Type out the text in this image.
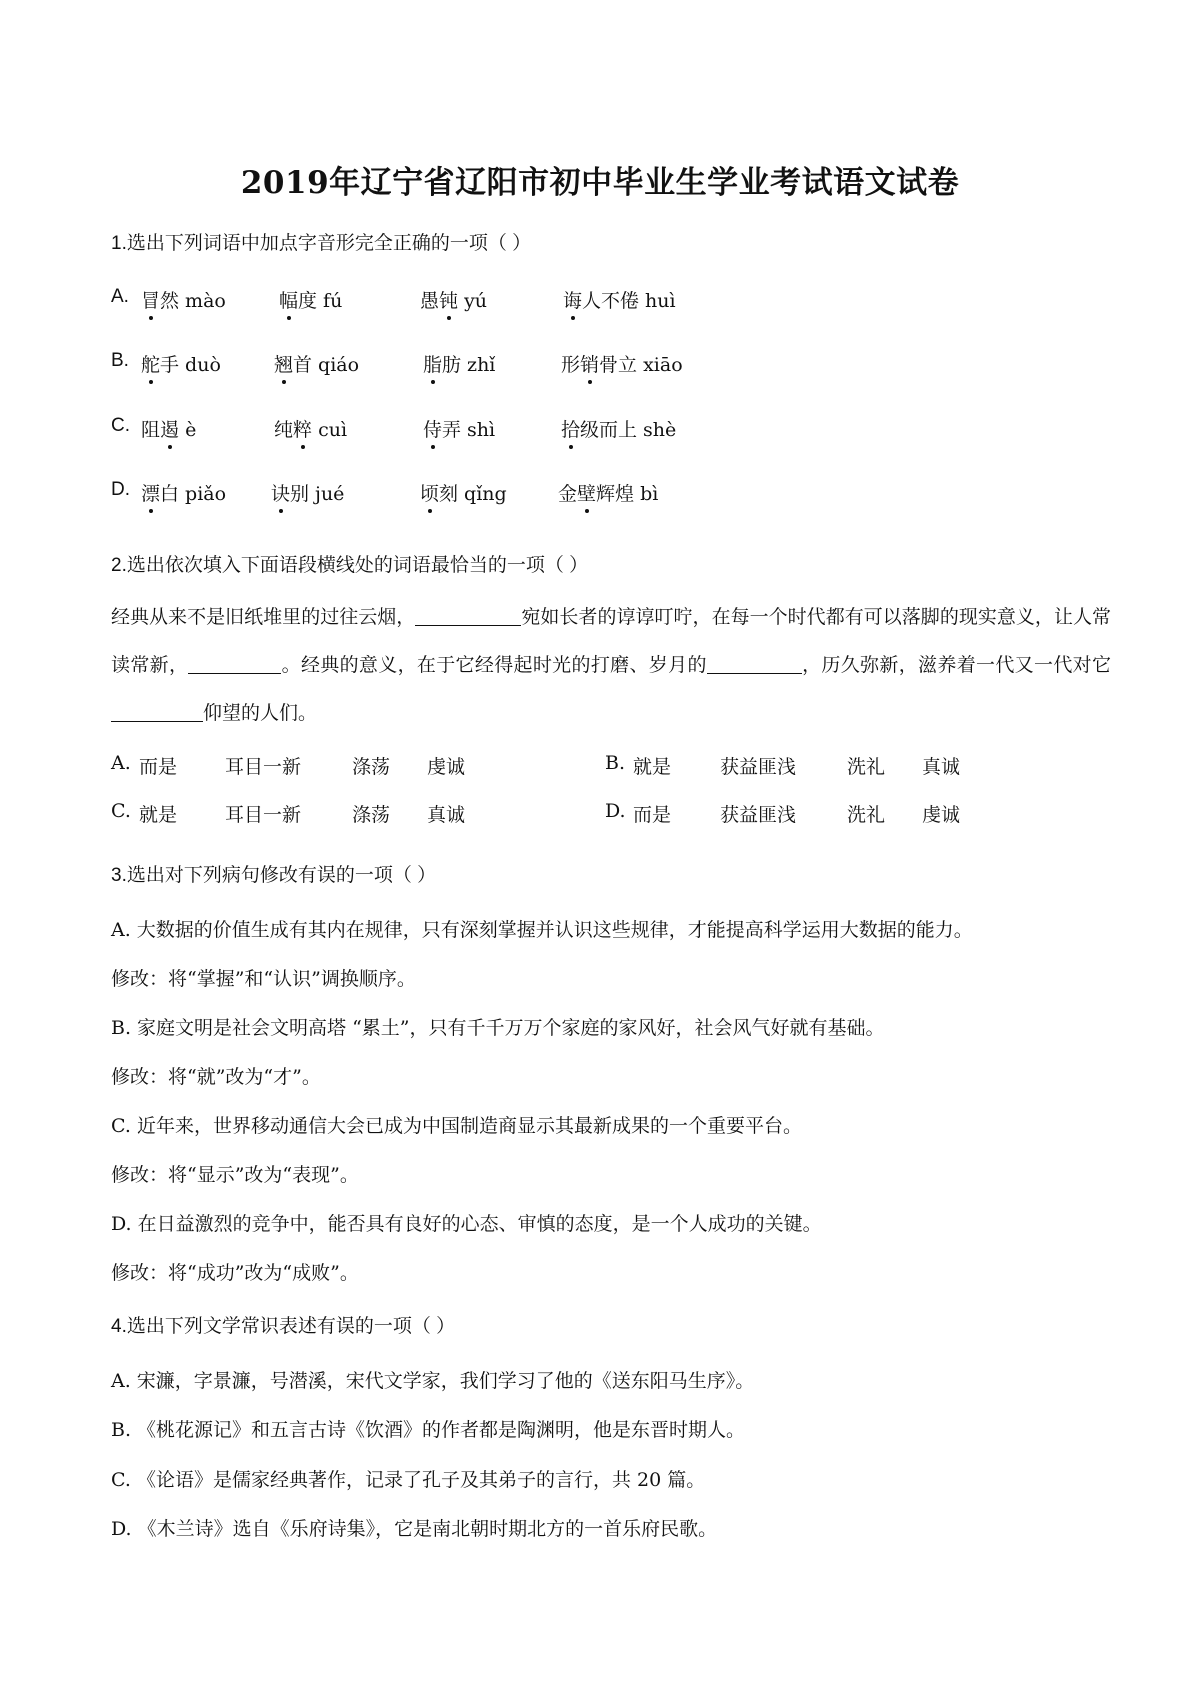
2019年辽宁省辽阳市初中毕业生学业考试语文试卷
1.选出下列词语中加点字音形完全正确的一项（ ）
A. 冒然 mào	幅度 fú	愚钝 yú	诲人不倦 huì
B. 舵手 duò	翘首 qiáo	脂肪 zhǐ	形销骨立 xiāo
C. 阻遏 è	纯粹 cuì	侍弄 shì	拾级而上 shè
D. 漂白 piǎo 诀别 jué	顷刻 qǐng	金壁辉煌 bì
2.选出依次填入下面语段横线处的词语最恰当的一项（ ）
经典从来不是旧纸堆里的过往云烟，	宛如长者的谆谆叮咛，在每一个时代都有可以落脚的现实意义，让人常读常新，	。经典的意义，在于它经得起时光的打磨、岁月的	，历久弥新，滋养着一代又一代对它仰望的人们。
A. 而是	耳目一新	涤荡 虔诚	B. 就是	获益匪浅	洗礼 真诚
C. 就是	耳目一新	涤荡 真诚	D. 而是	获益匪浅	洗礼 虔诚
3.选出对下列病句修改有误的一项（ ）
A. 大数据的价值生成有其内在规律，只有深刻掌握并认识这些规律，才能提高科学运用大数据的能力。
修改：将“掌握”和“认识”调换顺序。
B. 家庭文明是社会文明高塔 “累土”，只有千千万万个家庭的家风好，社会风气好就有基础。
修改：将“就”改为“才”。
C. 近年来，世界移动通信大会已成为中国制造商显示其最新成果的一个重要平台。
修改：将“显示”改为“表现”。
D. 在日益激烈的竞争中，能否具有良好的心态、审慎的态度，是一个人成功的关键。
修改：将“成功”改为“成败”。
4.选出下列文学常识表述有误的一项（ ）
A. 宋濂，字景濂，号潜溪，宋代文学家，我们学习了他的《送东阳马生序》。
B. 《桃花源记》和五言古诗《饮酒》的作者都是陶渊明，他是东晋时期人。
C. 《论语》是儒家经典著作，记录了孔子及其弟子的言行，共 20 篇。
D. 《木兰诗》选自《乐府诗集》，它是南北朝时期北方的一首乐府民歌。
